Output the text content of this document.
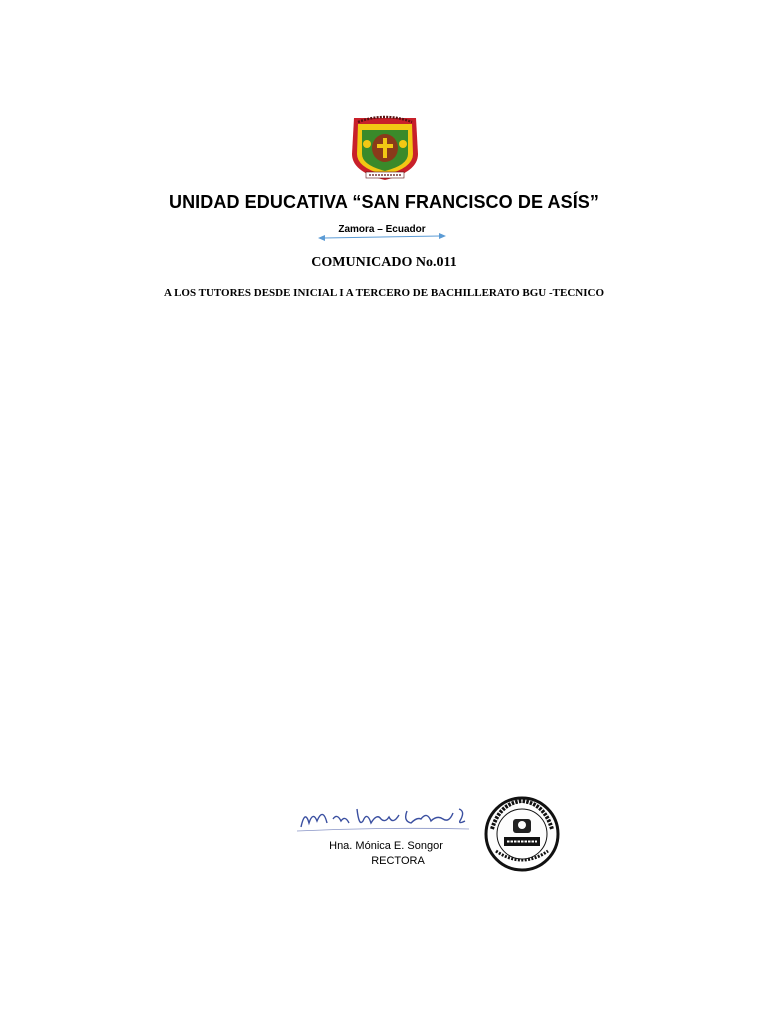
UNIDAD EDUCATIVA “SAN FRANCISCO DE ASÍS”
Zamora – Ecuador
COMUNICADO No.011
A LOS TUTORES DESDE INICIAL I A TERCERO DE BACHILLERATO BGU -TECNICO
Hna. Mónica E. Songor
RECTORA
